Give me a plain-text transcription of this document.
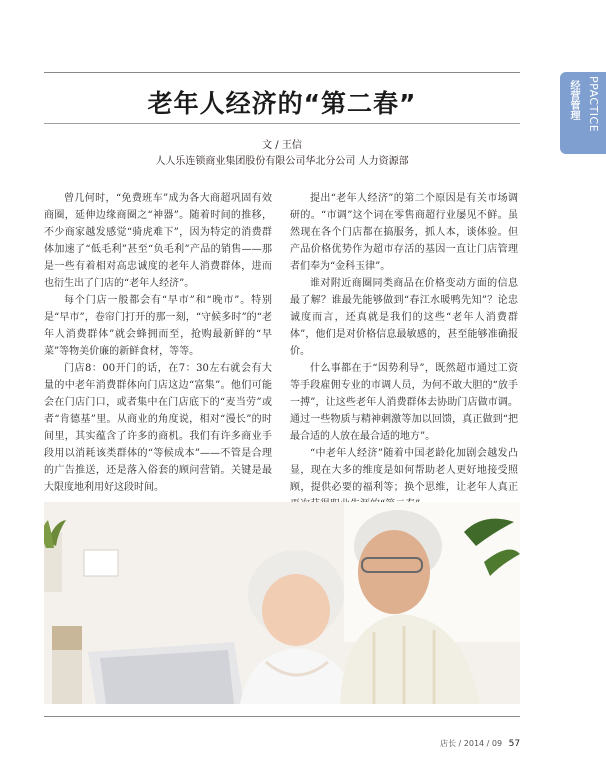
老年人经济的“第二春”
文 / 王信
人人乐连锁商业集团股份有限公司华北分公司 人力资源部
PPACTICE
经营管理

曾几何时，“免费班车”成为各大商超巩固有效商圈，延伸边缘商圈之“神器”。随着时间的推移，不少商家越发感觉“骑虎难下”，因为特定的消费群体加速了“低毛利”甚至“负毛利”产品的销售——那是一些有着相对高忠诚度的老年人消费群体，进而也衍生出了门店的“老年人经济”。

每个门店一般都会有“早市”和“晚市”。特别是“早市”，卷帘门打开的那一刻，“守候多时”的“老年人消费群体”就会蜂拥而至，抢购最新鲜的“早菜”等物美价廉的新鲜食材，等等。

门店8：00开门的话，在7：30左右就会有大量的中老年消费群体向门店这边“富集”。他们可能会在门店门口，或者集中在门店底下的“麦当劳”或者“肯德基”里。从商业的角度说，相对“漫长”的时间里，其实蕴含了许多的商机。我们有许多商业手段用以消耗该类群体的“等候成本”——不管是合理的广告推送，还是落入俗套的顾问营销。关键是最大限度地利用好这段时间。

提出“老年人经济”的第二个原因是有关市场调研的。“市调”这个词在零售商超行业屡见不鲜。虽然现在各个门店都在搞服务，抓人本，谈体验。但产品价格优势作为超市存活的基因一直让门店管理者们奉为“金科玉律”。

谁对附近商圈同类商品在价格变动方面的信息最了解？谁最先能够做到“春江水暖鸭先知”？论忠诚度而言，还真就是我们的这些“老年人消费群体”，他们是对价格信息最敏感的，甚至能够准确报价。

什么事都在于“因势利导”，既然超市通过工资等手段雇佣专业的市调人员，为何不敢大胆的“放手一搏”，让这些老年人消费群体去协助门店做市调。通过一些物质与精神刺激等加以回馈，真正做到“把最合适的人放在最合适的地方”。

“中老年人经济”随着中国老龄化加剧会越发凸显，现在大多的维度是如何帮助老人更好地接受照顾，提供必要的福利等；换个思维，让老年人真正

店长 / 2014 / 09 57
